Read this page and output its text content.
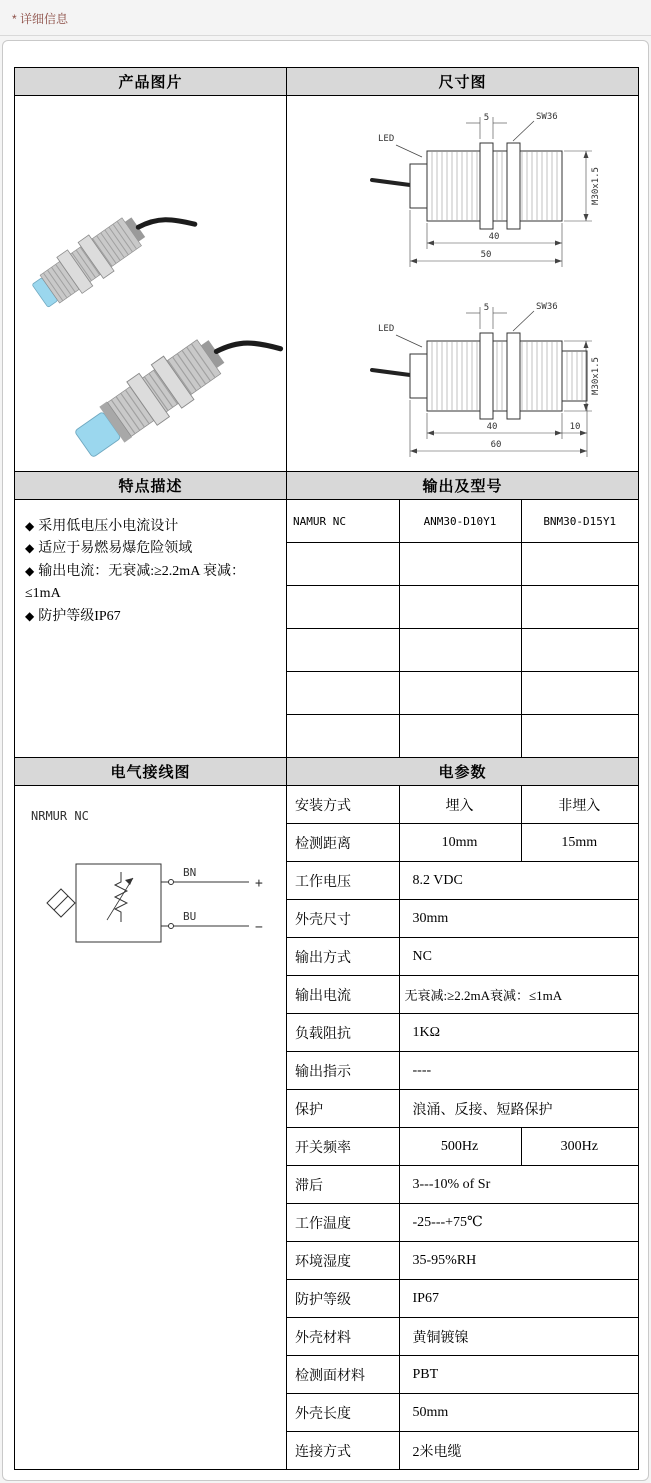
* 详细信息
产品图片	尺寸图

LED
5	SW36
M30x1.5
40
50
LED
5	SW36
M30x1.5
40	10
60

特点描述	输出及型号

◆ 采用低电压小电流设计
◆ 适应于易燃易爆危险领域
◆ 输出电流：无衰减:≥2.2mA 衰减：≤1mA
◆ 防护等级IP67

NAMUR NC	ANM30-D10Y1	BNM30-D15Y1

电气接线图	电参数

NRMUR NC
BN
+
BU
−

安装方式	埋入	非埋入
检测距离	10mm	15mm
工作电压	8.2 VDC
外壳尺寸	30mm
输出方式	NC
输出电流	无衰减:≥2.2mA衰减：≤1mA
负载阻抗	1KΩ
输出指示	----
保护	浪涌、反接、短路保护
开关频率	500Hz	300Hz
滞后	3---10% of Sr
工作温度	-25---+75℃
环境湿度	35-95%RH
防护等级	IP67
外壳材料	黄铜镀镍
检测面材料	PBT
外壳长度	50mm
连接方式	2米电缆
